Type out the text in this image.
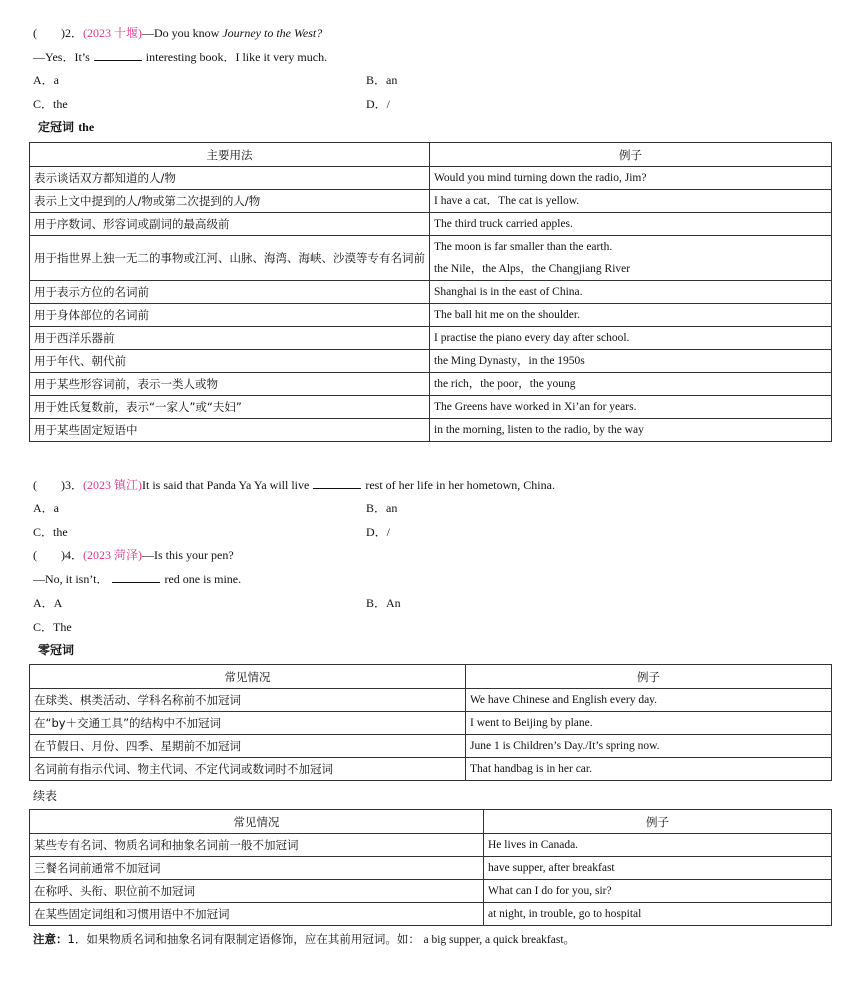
(　　)2．(2023 十堰)—Do you know Journey to the West?
—Yes．It’s	interesting book．I like it very much.
A．a	B．an
C．the	D．/
定冠词 the
主要用法	例子
表示谈话双方都知道的人/物	Would you mind turning down the radio, Jim?

表示上文中提到的人/物或第二次提到的人/物	I have a cat．The cat is yellow.

用于序数词、形容词或副词的最高级前	The third truck carried apples.

用于指世界上独一无二的事物或江河、山脉、海湾、海峡、沙漠等专有名词前	The moon is far smaller than the earth.
the Nile，the Alps，the Changjiang River

用于表示方位的名词前	Shanghai is in the east of China.

用于身体部位的名词前	The ball hit me on the shoulder.

用于西洋乐器前	I practise the piano every day after school.

用于年代、朝代前	the Ming Dynasty，in the 1950s

用于某些形容词前，表示一类人或物	the rich，the poor，the young

用于姓氏复数前，表示“一家人”或“夫妇”	The Greens have worked in Xi’an for years.

用于某些固定短语中	in the morning, listen to the radio, by the way
(　　)3．(2023 镇江)It is said that Panda Ya Ya will live	rest of her life in her hometown, China.
A．a	B．an
C．the	D．/
(　　)4．(2023 菏泽)—Is this your pen?
—No, it isn’t．	red one is mine.
A．A	B．An
C．The
零冠词
常见情况	例子
在球类、棋类活动、学科名称前不加冠词	We have Chinese and English every day.
在“by＋交通工具”的结构中不加冠词	I went to Beijing by plane.
在节假日、月份、四季、星期前不加冠词	June 1 is Children’s Day./It’s spring now.
名词前有指示代词、物主代词、不定代词或数词时不加冠词	That handbag is in her car.
续表
常见情况	例子
某些专有名词、物质名词和抽象名词前一般不加冠词	He lives in Canada.
三餐名词前通常不加冠词	have supper, after breakfast
在称呼、头衔、职位前不加冠词	What can I do for you, sir?
在某些固定词组和习惯用语中不加冠词	at night, in trouble, go to hospital
注意：1．如果物质名词和抽象名词有限制定语修饰，应在其前用冠词。如： a big supper, a quick breakfast。
